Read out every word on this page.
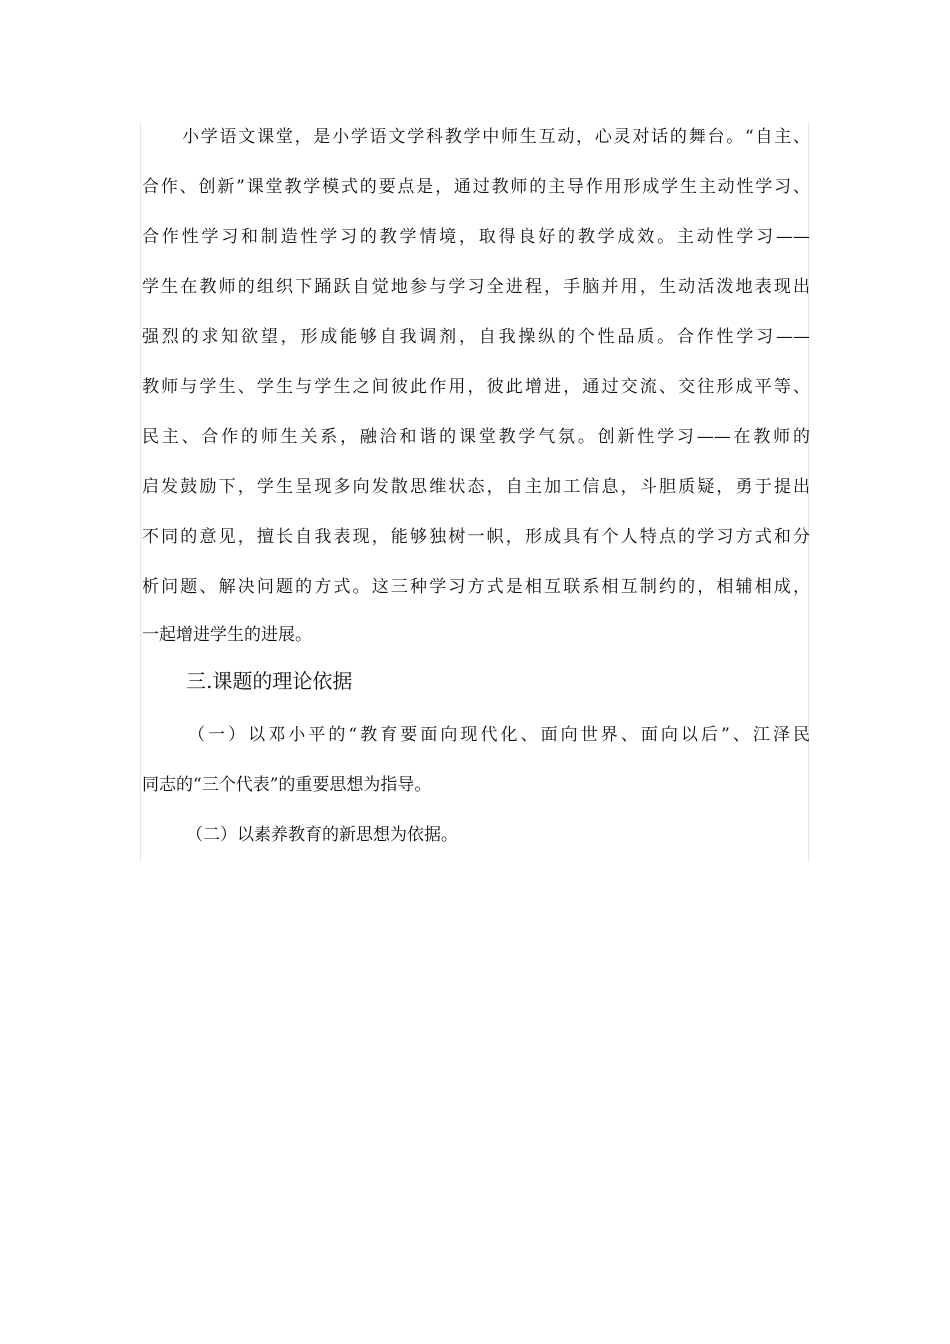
小学语文课堂，是小学语文学科教学中师生互动，心灵对话的舞台。“自主、
合作、创新”课堂教学模式的要点是，通过教师的主导作用形成学生主动性学习、
合作性学习和制造性学习的教学情境，取得良好的教学成效。主动性学习——
学生在教师的组织下踊跃自觉地参与学习全进程，手脑并用，生动活泼地表现出
强烈的求知欲望，形成能够自我调剂，自我操纵的个性品质。合作性学习——
教师与学生、学生与学生之间彼此作用，彼此增进，通过交流、交往形成平等、
民主、合作的师生关系，融洽和谐的课堂教学气氛。创新性学习——在教师的
启发鼓励下，学生呈现多向发散思维状态，自主加工信息，斗胆质疑，勇于提出
不同的意见，擅长自我表现，能够独树一帜，形成具有个人特点的学习方式和分
析问题、解决问题的方式。这三种学习方式是相互联系相互制约的，相辅相成，
一起增进学生的进展。
三.课题的理论依据
（一）以邓小平的“教育要面向现代化、面向世界、面向以后”、江泽民
同志的“三个代表”的重要思想为指导。
（二）以素养教育的新思想为依据。
